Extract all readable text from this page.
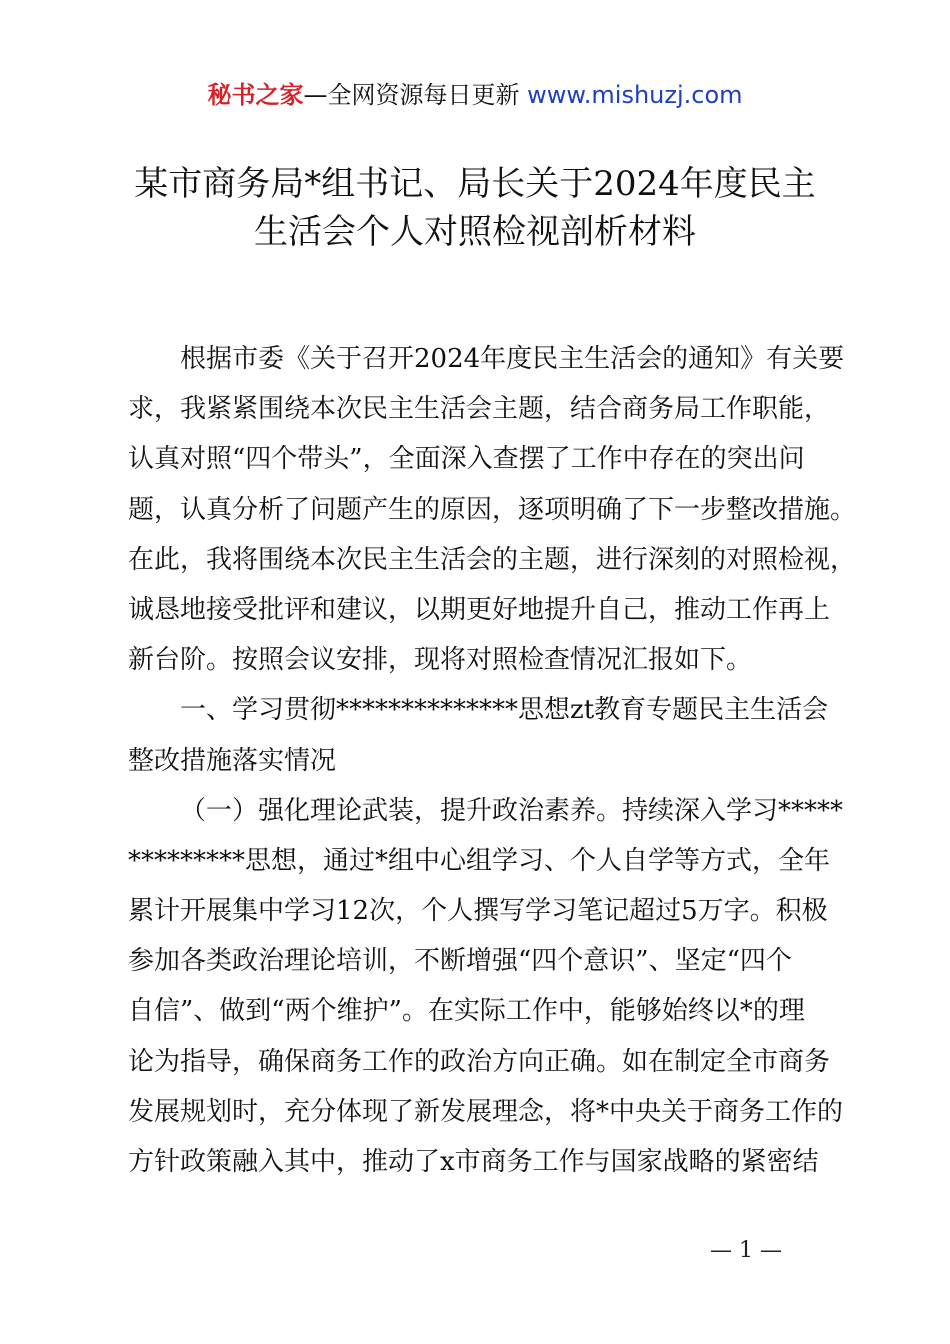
秘书之家—全网资源每日更新 www.mishuzj.com
某市商务局*组书记、局长关于2024年度民主
生活会个人对照检视剖析材料
根据市委《关于召开2024年度民主生活会的通知》有关要
求，我紧紧围绕本次民主生活会主题，结合商务局工作职能，
认真对照“四个带头”，全面深入查摆了工作中存在的突出问
题，认真分析了问题产生的原因，逐项明确了下一步整改措施。
在此，我将围绕本次民主生活会的主题，进行深刻的对照检视，
诚恳地接受批评和建议，以期更好地提升自己，推动工作再上
新台阶。按照会议安排，现将对照检查情况汇报如下。
一、学习贯彻**************思想zt教育专题民主生活会
整改措施落实情况
（一）强化理论武装，提升政治素养。持续深入学习*****
*********思想，通过*组中心组学习、个人自学等方式，全年
累计开展集中学习12次，个人撰写学习笔记超过5万字。积极
参加各类政治理论培训，不断增强“四个意识”、坚定“四个
自信”、做到“两个维护”。在实际工作中，能够始终以*的理
论为指导，确保商务工作的政治方向正确。如在制定全市商务
发展规划时，充分体现了新发展理念，将*中央关于商务工作的
方针政策融入其中，推动了x市商务工作与国家战略的紧密结
— 1 —
